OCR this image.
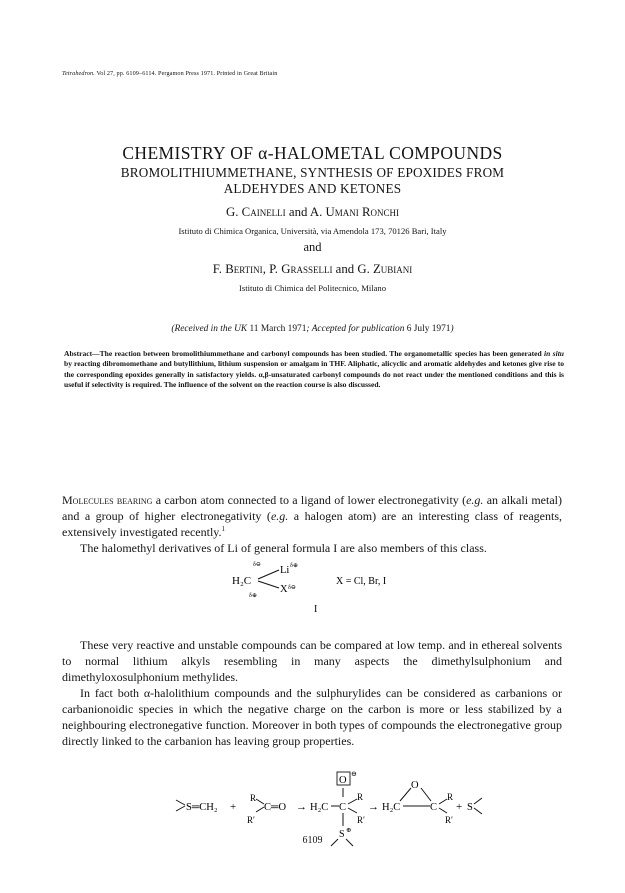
Tetrahedron. Vol 27, pp. 6109–6114. Pergamon Press 1971. Printed in Great Britain
CHEMISTRY OF α-HALOMETAL COMPOUNDS
BROMOLITHIUMMETHANE, SYNTHESIS OF EPOXIDES FROM
ALDEHYDES AND KETONES
G. Cainelli and A. Umani Ronchi
Istituto di Chimica Organica, Università, via Amendola 173, 70126 Bari, Italy
and
F. Bertini, P. Grasselli and G. Zubiani
Istituto di Chimica del Politecnico, Milano
(Received in the UK 11 March 1971; Accepted for publication 6 July 1971)
Abstract—The reaction between bromolithiummethane and carbonyl compounds has been studied. The organometallic species has been generated in situ by reacting dibromomethane and butyllithium, lithium suspension or amalgam in THF. Aliphatic, alicyclic and aromatic aldehydes and ketones give rise to the corresponding epoxides generally in satisfactory yields. α,β-unsaturated carbonyl compounds do not react under the mentioned conditions and this is useful if selectivity is required. The influence of the solvent on the reaction course is also discussed.

Molecules bearing a carbon atom connected to a ligand of lower electronegativity (e.g. an alkali metal) and a group of higher electronegativity (e.g. a halogen atom) are an interesting class of reagents, extensively investigated recently.$^1$

The halomethyl derivatives of Li of general formula I are also members of this class.

δ⊖
H₂C
Li δ⊕
X δ⊖
δ⊕
X = Cl, Br, I
I

These very reactive and unstable compounds can be compared at low temp. and in ethereal solvents to normal lithium alkyls resembling in many aspects the dimethylsulphonium and dimethyloxosulphonium methylides.

In fact both α-halolithium compounds and the sulphurylides can be considered as carbanions or carbanionoidic species in which the negative charge on the carbon is more or less stabilized by a neighbouring electronegative function. Moreover in both types of compounds the electronegative group directly linked to the carbanion has leaving group properties.

S═CH₂ +
R
R′
C═O → H₂C C
O
⊖
R
R′
S ⊕
→ H₂C
O
C
R
R′
+ S
6109
